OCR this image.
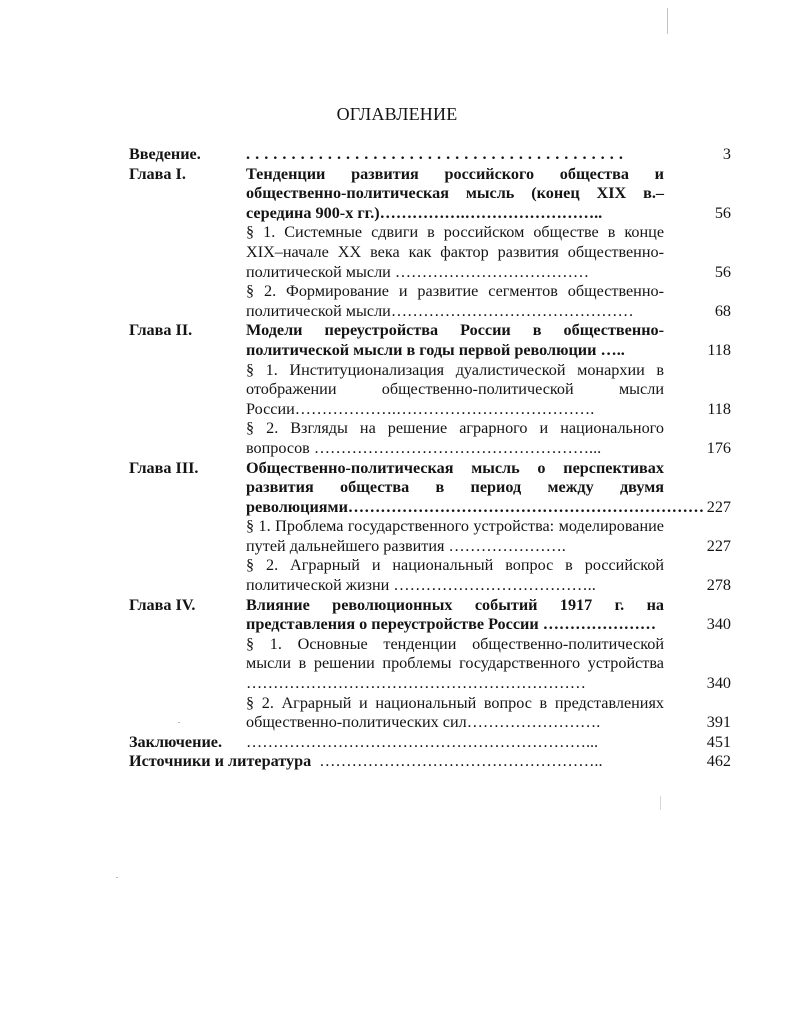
ОГЛАВЛЕНИЕ
Введение.	. . . . . . . . . . . . . . . . . . . . . . . . . . . . . . . . . . . . . . . . . .	3
Глава I.	Тенденции развития российского общества и общественно-политическая мысль (конец XIX в.–середина 900-х гг.)…………….……………………..	56
§ 1. Системные сдвиги в российском обществе в конце XIX–начале XX века как фактор развития общественно-политической мысли ………………………………	56
§ 2. Формирование и развитие сегментов общественно-политической мысли………………………………………	68
Глава II.	Модели переустройства России в общественно-политической мысли в годы первой революции …..	118
§ 1. Институционализация дуалистической монархии в отображении общественно-политической мысли России……………….……………………………….	118
§ 2. Взгляды на решение аграрного и национального вопросов ……………………………………………...	176
Глава III.	Общественно-политическая мысль о перспективах развития общества в период между двумя революциями………………………………………………………… 227
§ 1. Проблема государственного устройства: моделирование путей дальнейшего развития ………………….	227
§ 2. Аграрный и национальный вопрос в российской политической жизни ………………………………..	278
Глава IV.	Влияние революционных событий 1917 г. на представления о переустройстве России …………………	340
§ 1. Основные тенденции общественно-политической мысли в решении проблемы государственного устройства ………………………………………………………	340
§ 2. Аграрный и национальный вопрос в представлениях общественно-политических сил…………………….	391
Заключение.	………………………………………………………...	451
Источники и литература ……………………………………………..	462
